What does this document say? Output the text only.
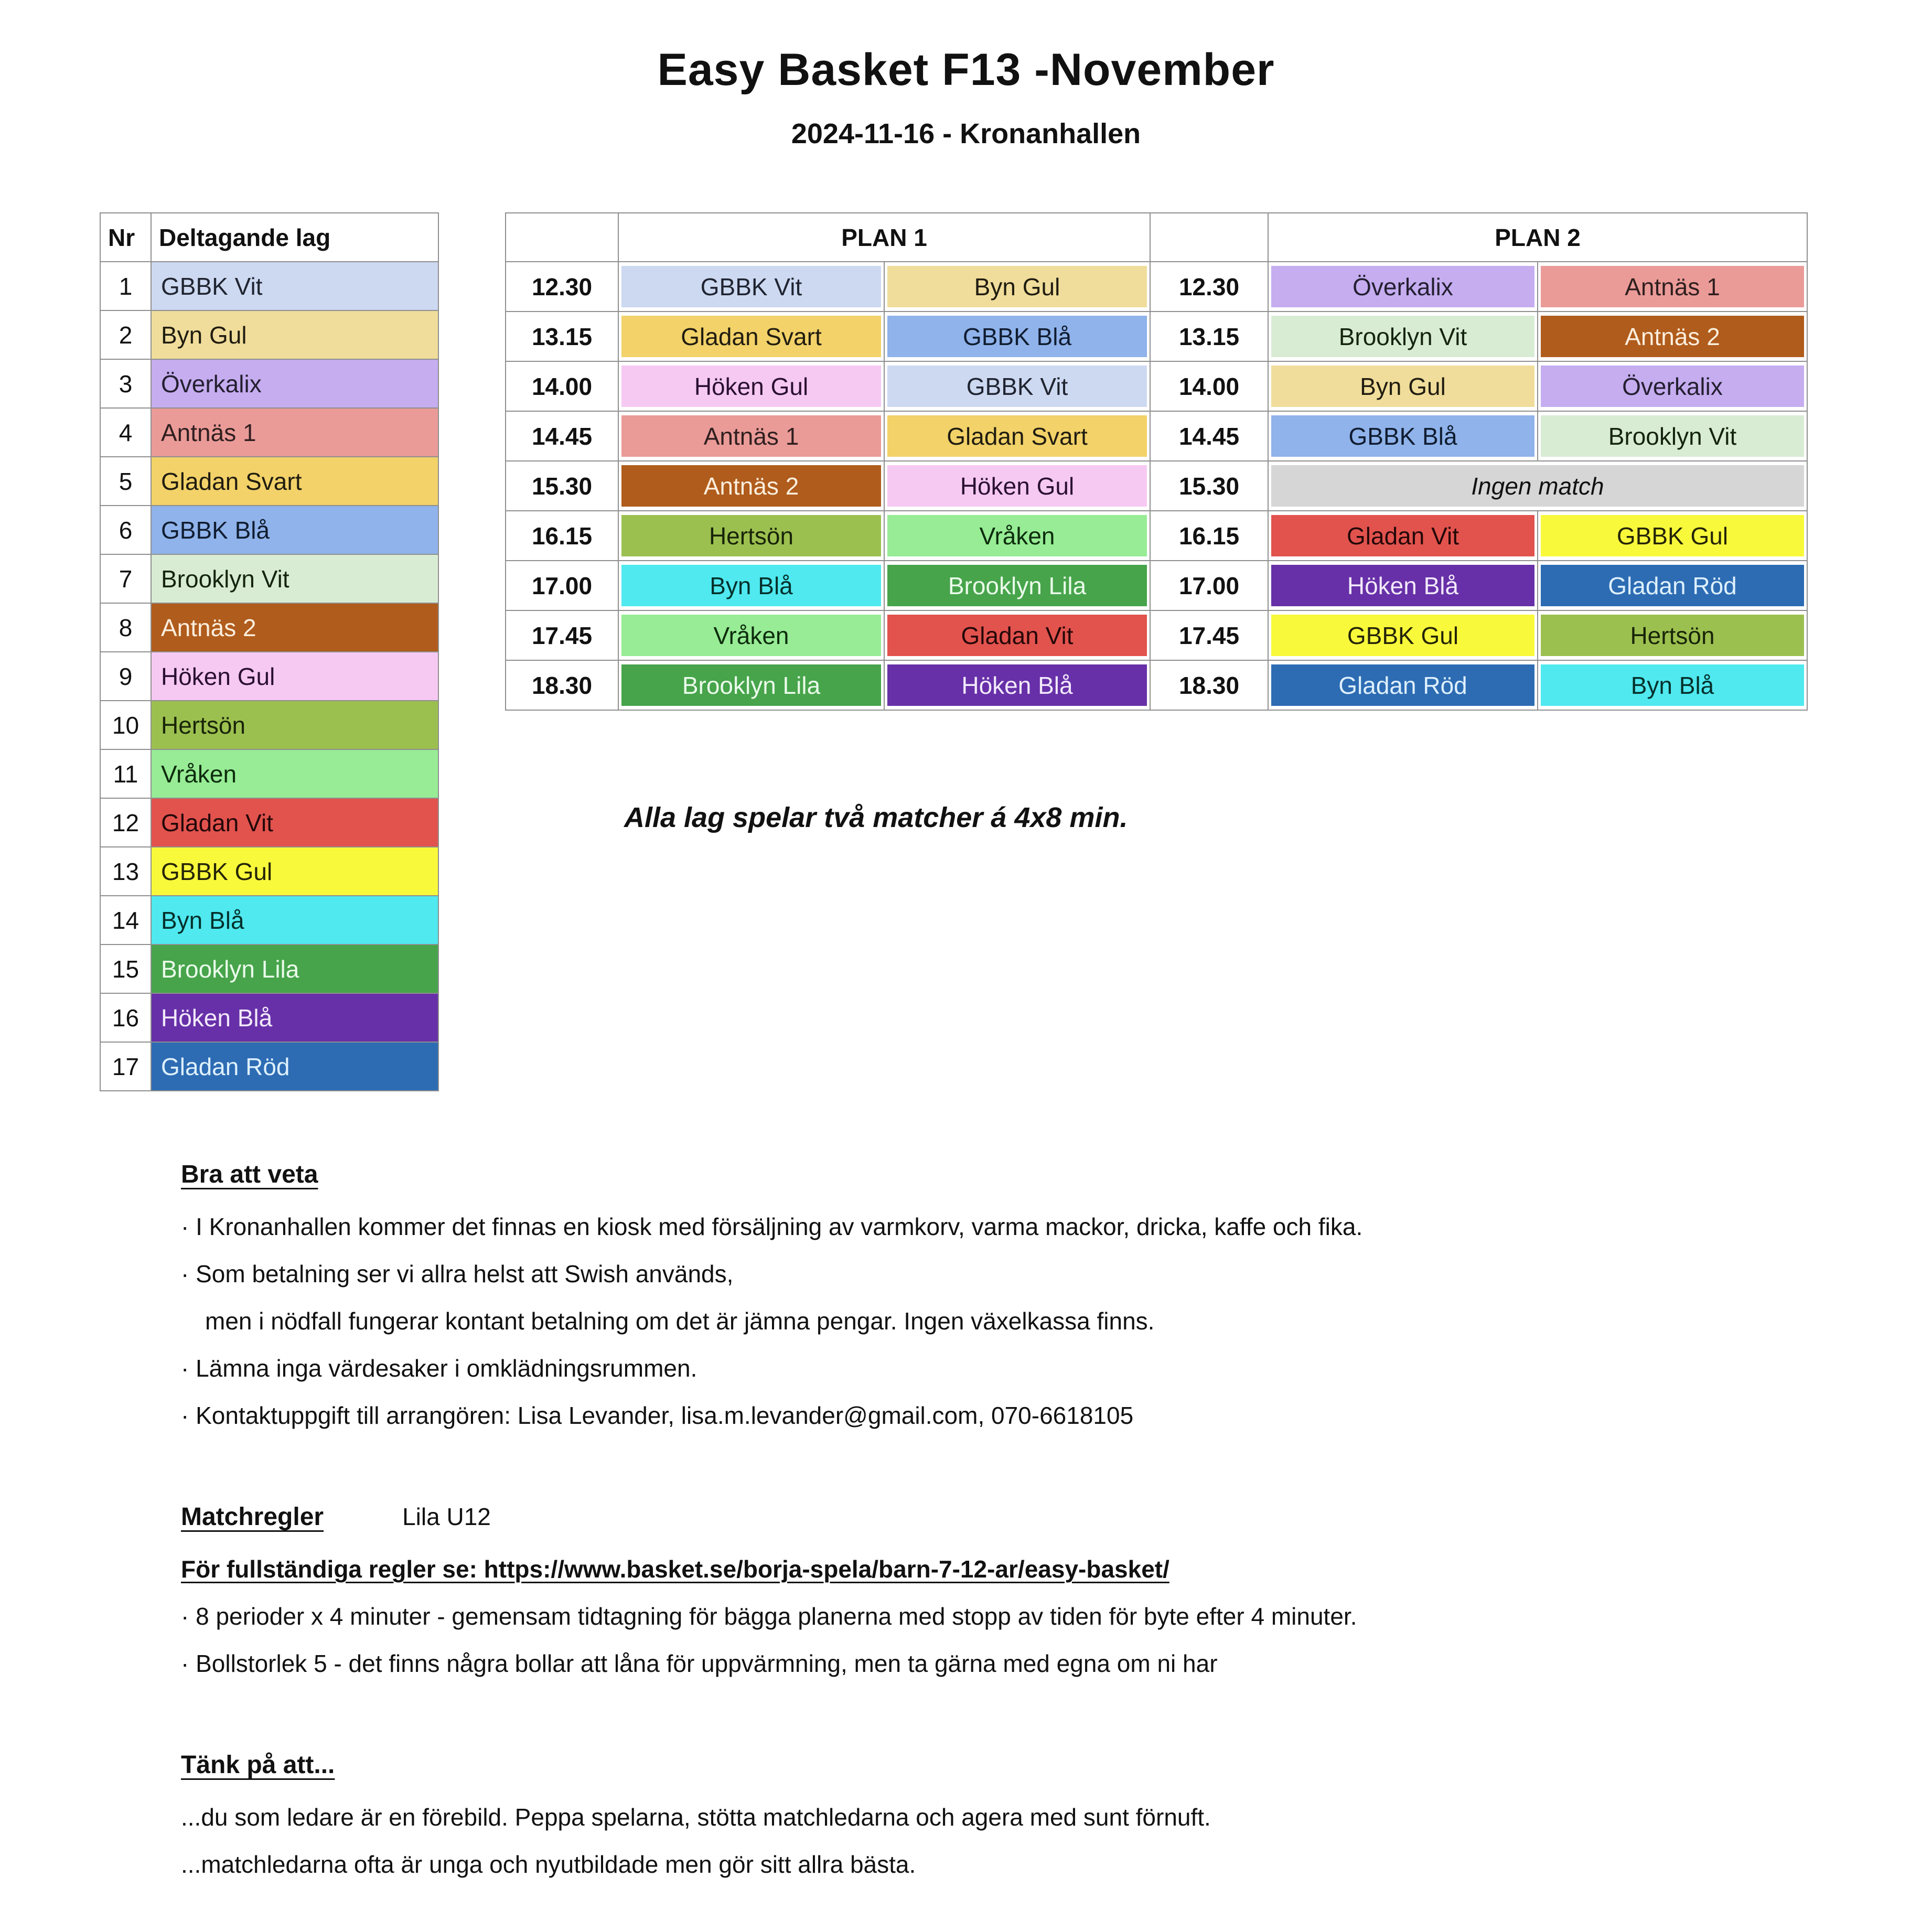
Easy Basket F13 -November
2024-11-16 - Kronanhallen
Nr	Deltagande lag
1	GBBK Vit
2	Byn Gul
3	Överkalix
4	Antnäs 1
5	Gladan Svart
6	GBBK Blå
7	Brooklyn Vit
8	Antnäs 2
9	Höken Gul
10	Hertsön
11	Vråken
12	Gladan Vit
13	GBBK Gul
14	Byn Blå
15	Brooklyn Lila
16	Höken Blå
17	Gladan Röd
	PLAN 1			PLAN 2	
12.30	GBBK Vit	Byn Gul	12.30	Överkalix	Antnäs 1

13.15	Gladan Svart	GBBK Blå	13.15	Brooklyn Vit	Antnäs 2

14.00	Höken Gul	GBBK Vit	14.00	Byn Gul	Överkalix

14.45	Antnäs 1	Gladan Svart	14.45	GBBK Blå	Brooklyn Vit

15.30	Antnäs 2	Höken Gul	15.30	Ingen match	

16.15	Hertsön	Vråken	16.15	Gladan Vit	GBBK Gul

17.00	Byn Blå	Brooklyn Lila	17.00	Höken Blå	Gladan Röd

17.45	Vråken	Gladan Vit	17.45	GBBK Gul	Hertsön

18.30	Brooklyn Lila	Höken Blå	18.30	Gladan Röd	Byn Blå
Alla lag spelar två matcher á 4x8 min.
Bra att veta
· I Kronanhallen kommer det finnas en kiosk med försäljning av varmkorv, varma mackor, dricka, kaffe och fika.
· Som betalning ser vi allra helst att Swish används,
men i nödfall fungerar kontant betalning om det är jämna pengar. Ingen växelkassa finns.
· Lämna inga värdesaker i omklädningsrummen.
· Kontaktuppgift till arrangören: Lisa Levander, lisa.m.levander@gmail.com, 070-6618105
Matchregler	Lila U12
För fullständiga regler se: https://www.basket.se/borja-spela/barn-7-12-ar/easy-basket/
· 8 perioder x 4 minuter - gemensam tidtagning för bägga planerna med stopp av tiden för byte efter 4 minuter.
· Bollstorlek 5 - det finns några bollar att låna för uppvärmning, men ta gärna med egna om ni har
Tänk på att...
...du som ledare är en förebild. Peppa spelarna, stötta matchledarna och agera med sunt förnuft.
...matchledarna ofta är unga och nyutbildade men gör sitt allra bästa.
